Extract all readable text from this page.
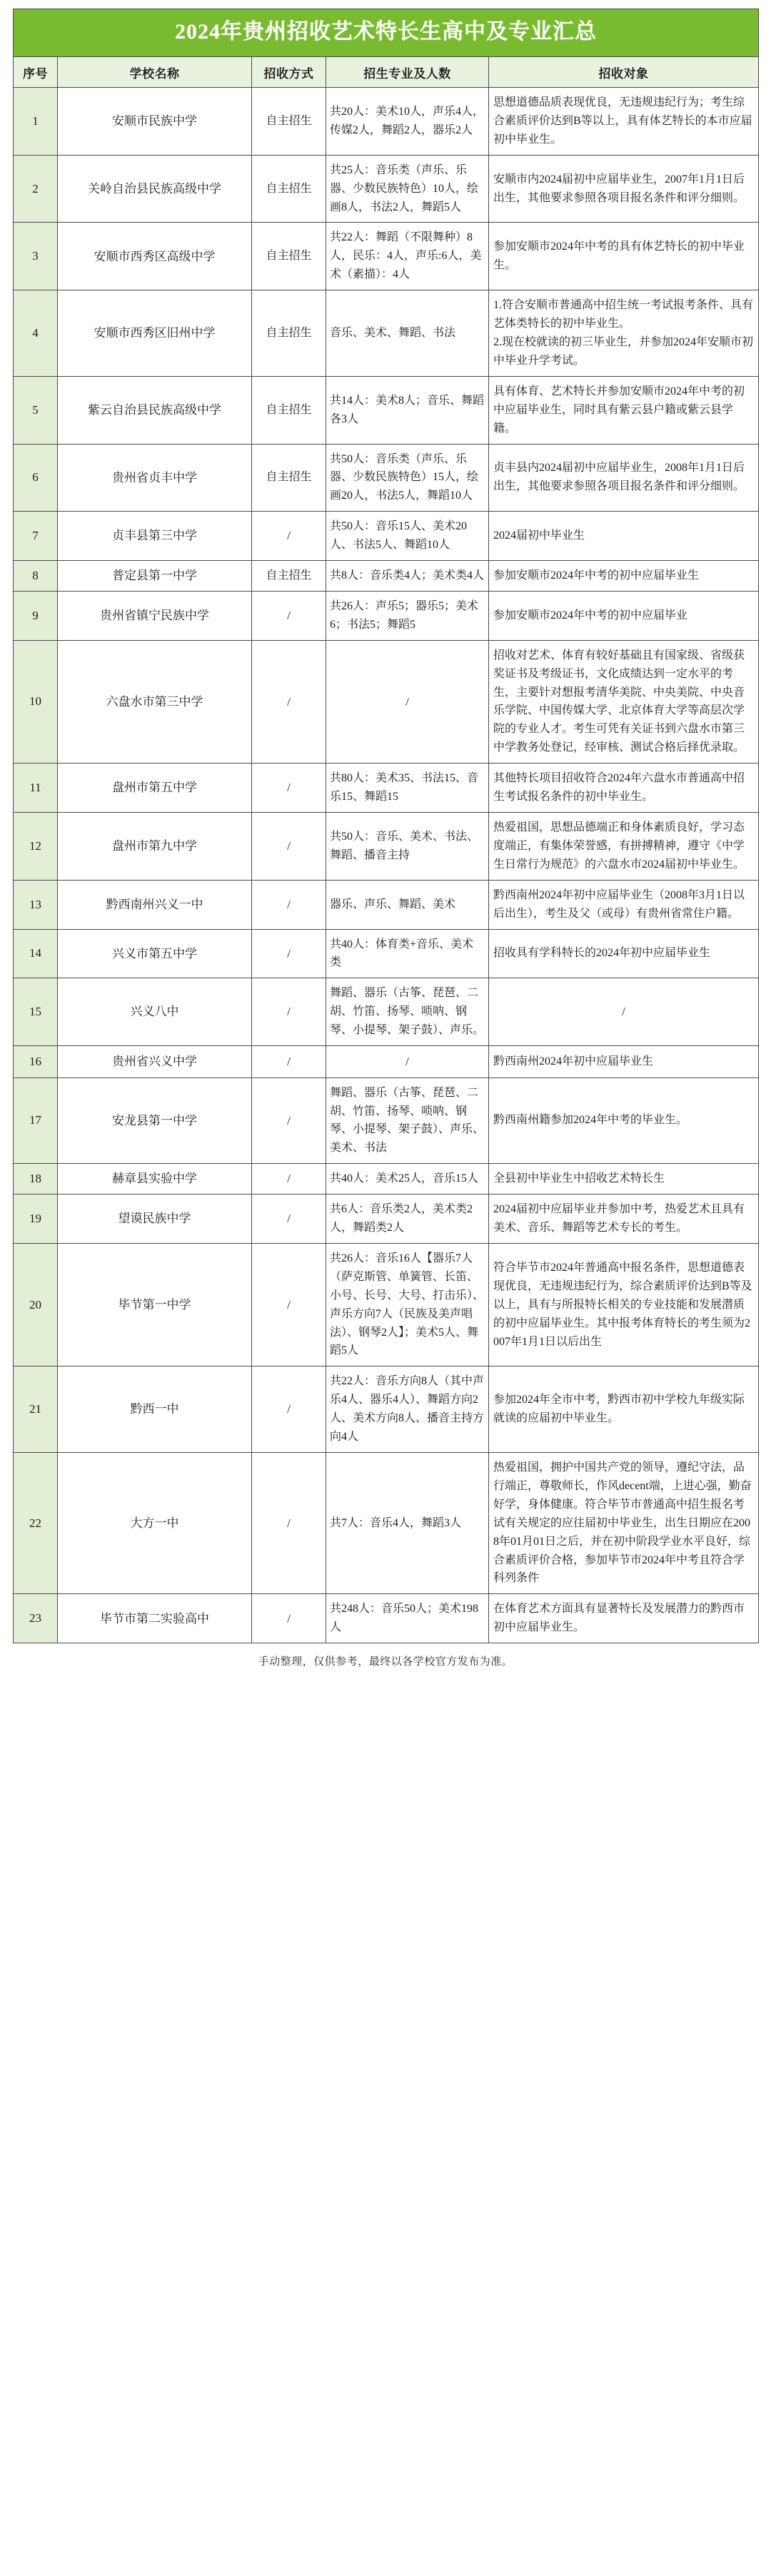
2024年贵州招收艺术特长生高中及专业汇总				

序号	学校名称	招收方式	招生专业及人数	招收对象
1	安顺市民族中学	自主招生	共20人：美术10人，声乐4人，传媒2人，舞蹈2人，器乐2人	思想道德品质表现优良，无违规违纪行为；考生综合素质评价达到B等以上，具有体艺特长的本市应届初中毕业生。
2	关岭自治县民族高级中学	自主招生	共25人：音乐类（声乐、乐器、少数民族特色）10人，绘画8人，书法2人，舞蹈5人	安顺市内2024届初中应届毕业生，2007年1月1日后出生，其他要求参照各项目报名条件和评分细则。
3	安顺市西秀区高级中学	自主招生	共22人：舞蹈（不限舞种）8人，民乐：4人，声乐:6人，美术（素描）：4人	参加安顺市2024年中考的具有体艺特长的初中毕业生。
4	安顺市西秀区旧州中学	自主招生	音乐、美术、舞蹈、书法	1.符合安顺市普通高中招生统一考试报考条件、具有艺体类特长的初中毕业生。
2.现在校就读的初三毕业生，并参加2024年安顺市初中毕业升学考试。
5	紫云自治县民族高级中学	自主招生	共14人：美术8人；音乐、舞蹈各3人	具有体育、艺术特长并参加安顺市2024年中考的初中应届毕业生，同时具有紫云县户籍或紫云县学籍。
6	贵州省贞丰中学	自主招生	共50人：音乐类（声乐、乐器、少数民族特色）15人，绘画20人，书法5人，舞蹈10人	贞丰县内2024届初中应届毕业生，2008年1月1日后出生，其他要求参照各项目报名条件和评分细则。
7	贞丰县第三中学	/	共50人：音乐15人、美术20人、书法5人、舞蹈10人	2024届初中毕业生
8	普定县第一中学	自主招生	共8人：音乐类4人；美术类4人	参加安顺市2024年中考的初中应届毕业生
9	贵州省镇宁民族中学	/	共26人：声乐5；器乐5；美术6；书法5；舞蹈5	参加安顺市2024年中考的初中应届毕业
10	六盘水市第三中学	/	/	招收对艺术、体育有较好基础且有国家级、省级获奖证书及考级证书，文化成绩达到一定水平的考生，主要针对想报考清华美院、中央美院、中央音乐学院、中国传媒大学、北京体育大学等高层次学院的专业人才。考生可凭有关证书到六盘水市第三中学教务处登记，经审核、测试合格后择优录取。
11	盘州市第五中学	/	共80人：美术35、书法15、音乐15、舞蹈15	其他特长项目招收符合2024年六盘水市普通高中招生考试报名条件的初中毕业生。
12	盘州市第九中学	/	共50人：音乐、美术、书法、舞蹈、播音主持	热爱祖国，思想品德端正和身体素质良好，学习态度端正，有集体荣誉感，有拼搏精神，遵守《中学生日常行为规范》的六盘水市2024届初中毕业生。
13	黔西南州兴义一中	/	器乐、声乐、舞蹈、美术	黔西南州2024年初中应届毕业生（2008年3月1日以后出生），考生及父（或母）有贵州省常住户籍。
14	兴义市第五中学	/	共40人：体育类+音乐、美术类	招收具有学科特长的2024年初中应届毕业生
15	兴义八中	/	舞蹈、器乐（古筝、琵琶、二胡、竹笛、扬琴、唢呐、钢琴、小提琴、架子鼓）、声乐。	/
16	贵州省兴义中学	/	/	黔西南州2024年初中应届毕业生
17	安龙县第一中学	/	舞蹈、器乐（古筝、琵琶、二胡、竹笛、扬琴、唢呐、钢琴、小提琴、架子鼓）、声乐、美术、书法	黔西南州籍参加2024年中考的毕业生。
18	赫章县实验中学	/	共40人：美术25人，音乐15人	全县初中毕业生中招收艺术特长生
19	望谟民族中学	/	共6人：音乐类2人，美术类2人，舞蹈类2人	2024届初中应届毕业并参加中考，热爱艺术且具有美术、音乐、舞蹈等艺术专长的考生。
20	毕节第一中学	/	共26人：音乐16人【器乐7人（萨克斯管、单簧管、长笛、小号、长号、大号、打击乐）、声乐方向7人（民族及美声唱法）、钢琴2人】；美术5人、舞蹈5人	符合毕节市2024年普通高中报名条件，思想道德表现优良，无违规违纪行为，综合素质评价达到B等及以上，具有与所报特长相关的专业技能和发展潜质的初中应届毕业生。其中报考体育特长的考生须为2007年1月1日以后出生
21	黔西一中	/	共22人：音乐方向8人（其中声乐4人、器乐4人）、舞蹈方向2人、美术方向8人、播音主持方向4人	参加2024年全市中考，黔西市初中学校九年级实际就读的应届初中毕业生。
22	大方一中	/	共7人：音乐4人，舞蹈3人	热爱祖国，拥护中国共产党的领导，遵纪守法，品行端正，尊敬师长，作风decent端，上进心强，勤奋好学，身体健康。符合毕节市普通高中招生报名考试有关规定的应往届初中毕业生，出生日期应在2008年01月01日之后，并在初中阶段学业水平良好，综合素质评价合格，参加毕节市2024年中考且符合学科列条件
23	毕节市第二实验高中	/	共248人：音乐50人；美术198人	在体育艺术方面具有显著特长及发展潜力的黔西市初中应届毕业生。
手动整理，仅供参考，最终以各学校官方发布为准。
